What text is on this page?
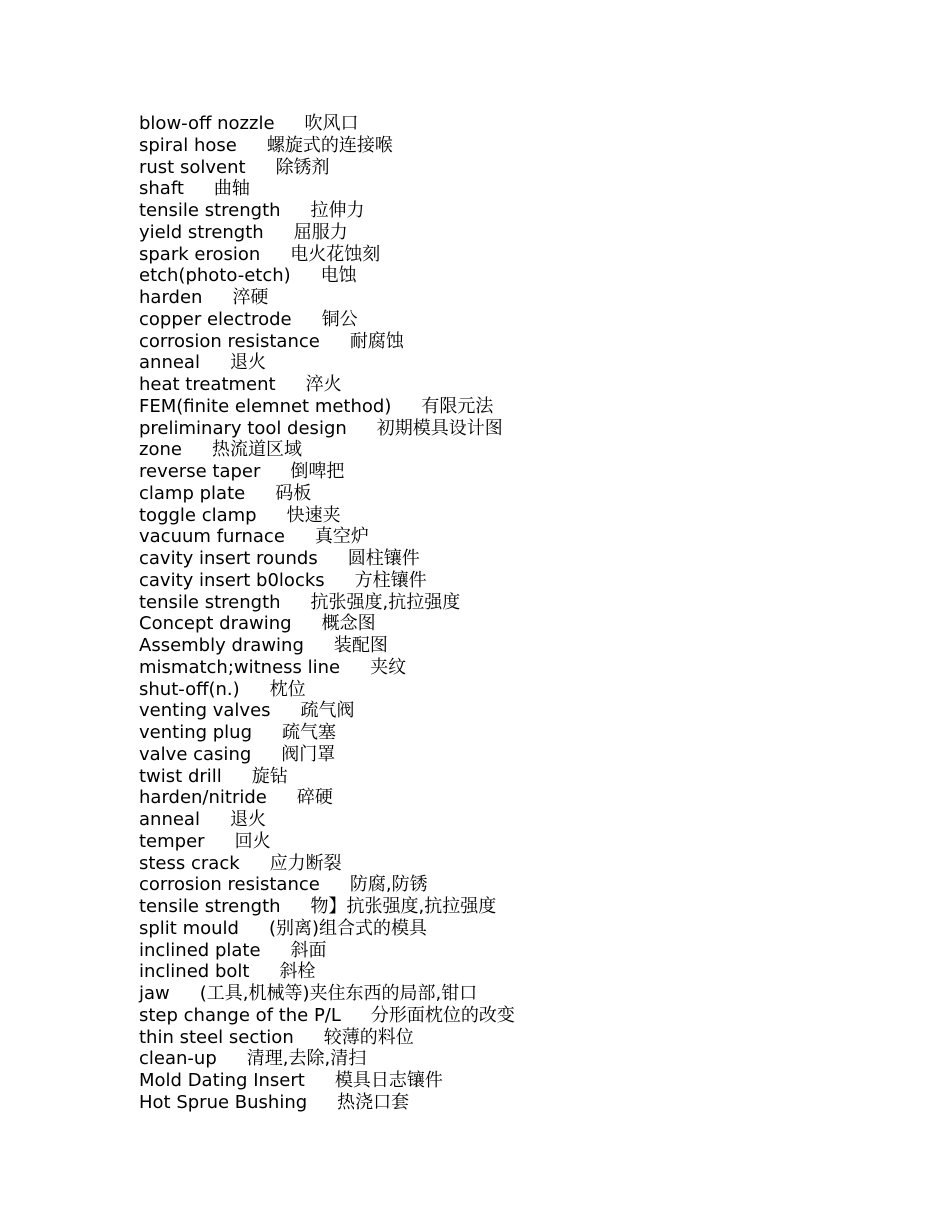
blow-off nozzle 吹风口
spiral hose 螺旋式的连接喉
rust solvent 除锈剂
shaft 曲轴
tensile strength 拉伸力
yield strength 屈服力
spark erosion 电火花蚀刻
etch(photo-etch) 电蚀
harden 淬硬
copper electrode 铜公
corrosion resistance 耐腐蚀
anneal 退火
heat treatment 淬火
FEM(finite elemnet method) 有限元法
preliminary tool design 初期模具设计图
zone 热流道区域
reverse taper 倒啤把
clamp plate 码板
toggle clamp 快速夹
vacuum furnace 真空炉
cavity insert rounds 圆柱镶件
cavity insert b0locks 方柱镶件
tensile strength 抗张强度,抗拉强度
Concept drawing 概念图
Assembly drawing 装配图
mismatch;witness line 夹纹
shut-off(n.) 枕位
venting valves 疏气阀
venting plug 疏气塞
valve casing 阀门罩
twist drill 旋钻
harden/nitride 碎硬
anneal 退火
temper 回火
stess crack 应力断裂
corrosion resistance 防腐,防锈
tensile strength 物】抗张强度,抗拉强度
split mould (别离)组合式的模具
inclined plate 斜面
inclined bolt 斜栓
jaw (工具,机械等)夹住东西的局部,钳口
step change of the P/L 分形面枕位的改变
thin steel section 较薄的料位
clean-up 清理,去除,清扫
Mold Dating Insert 模具日志镶件
Hot Sprue Bushing 热浇口套
